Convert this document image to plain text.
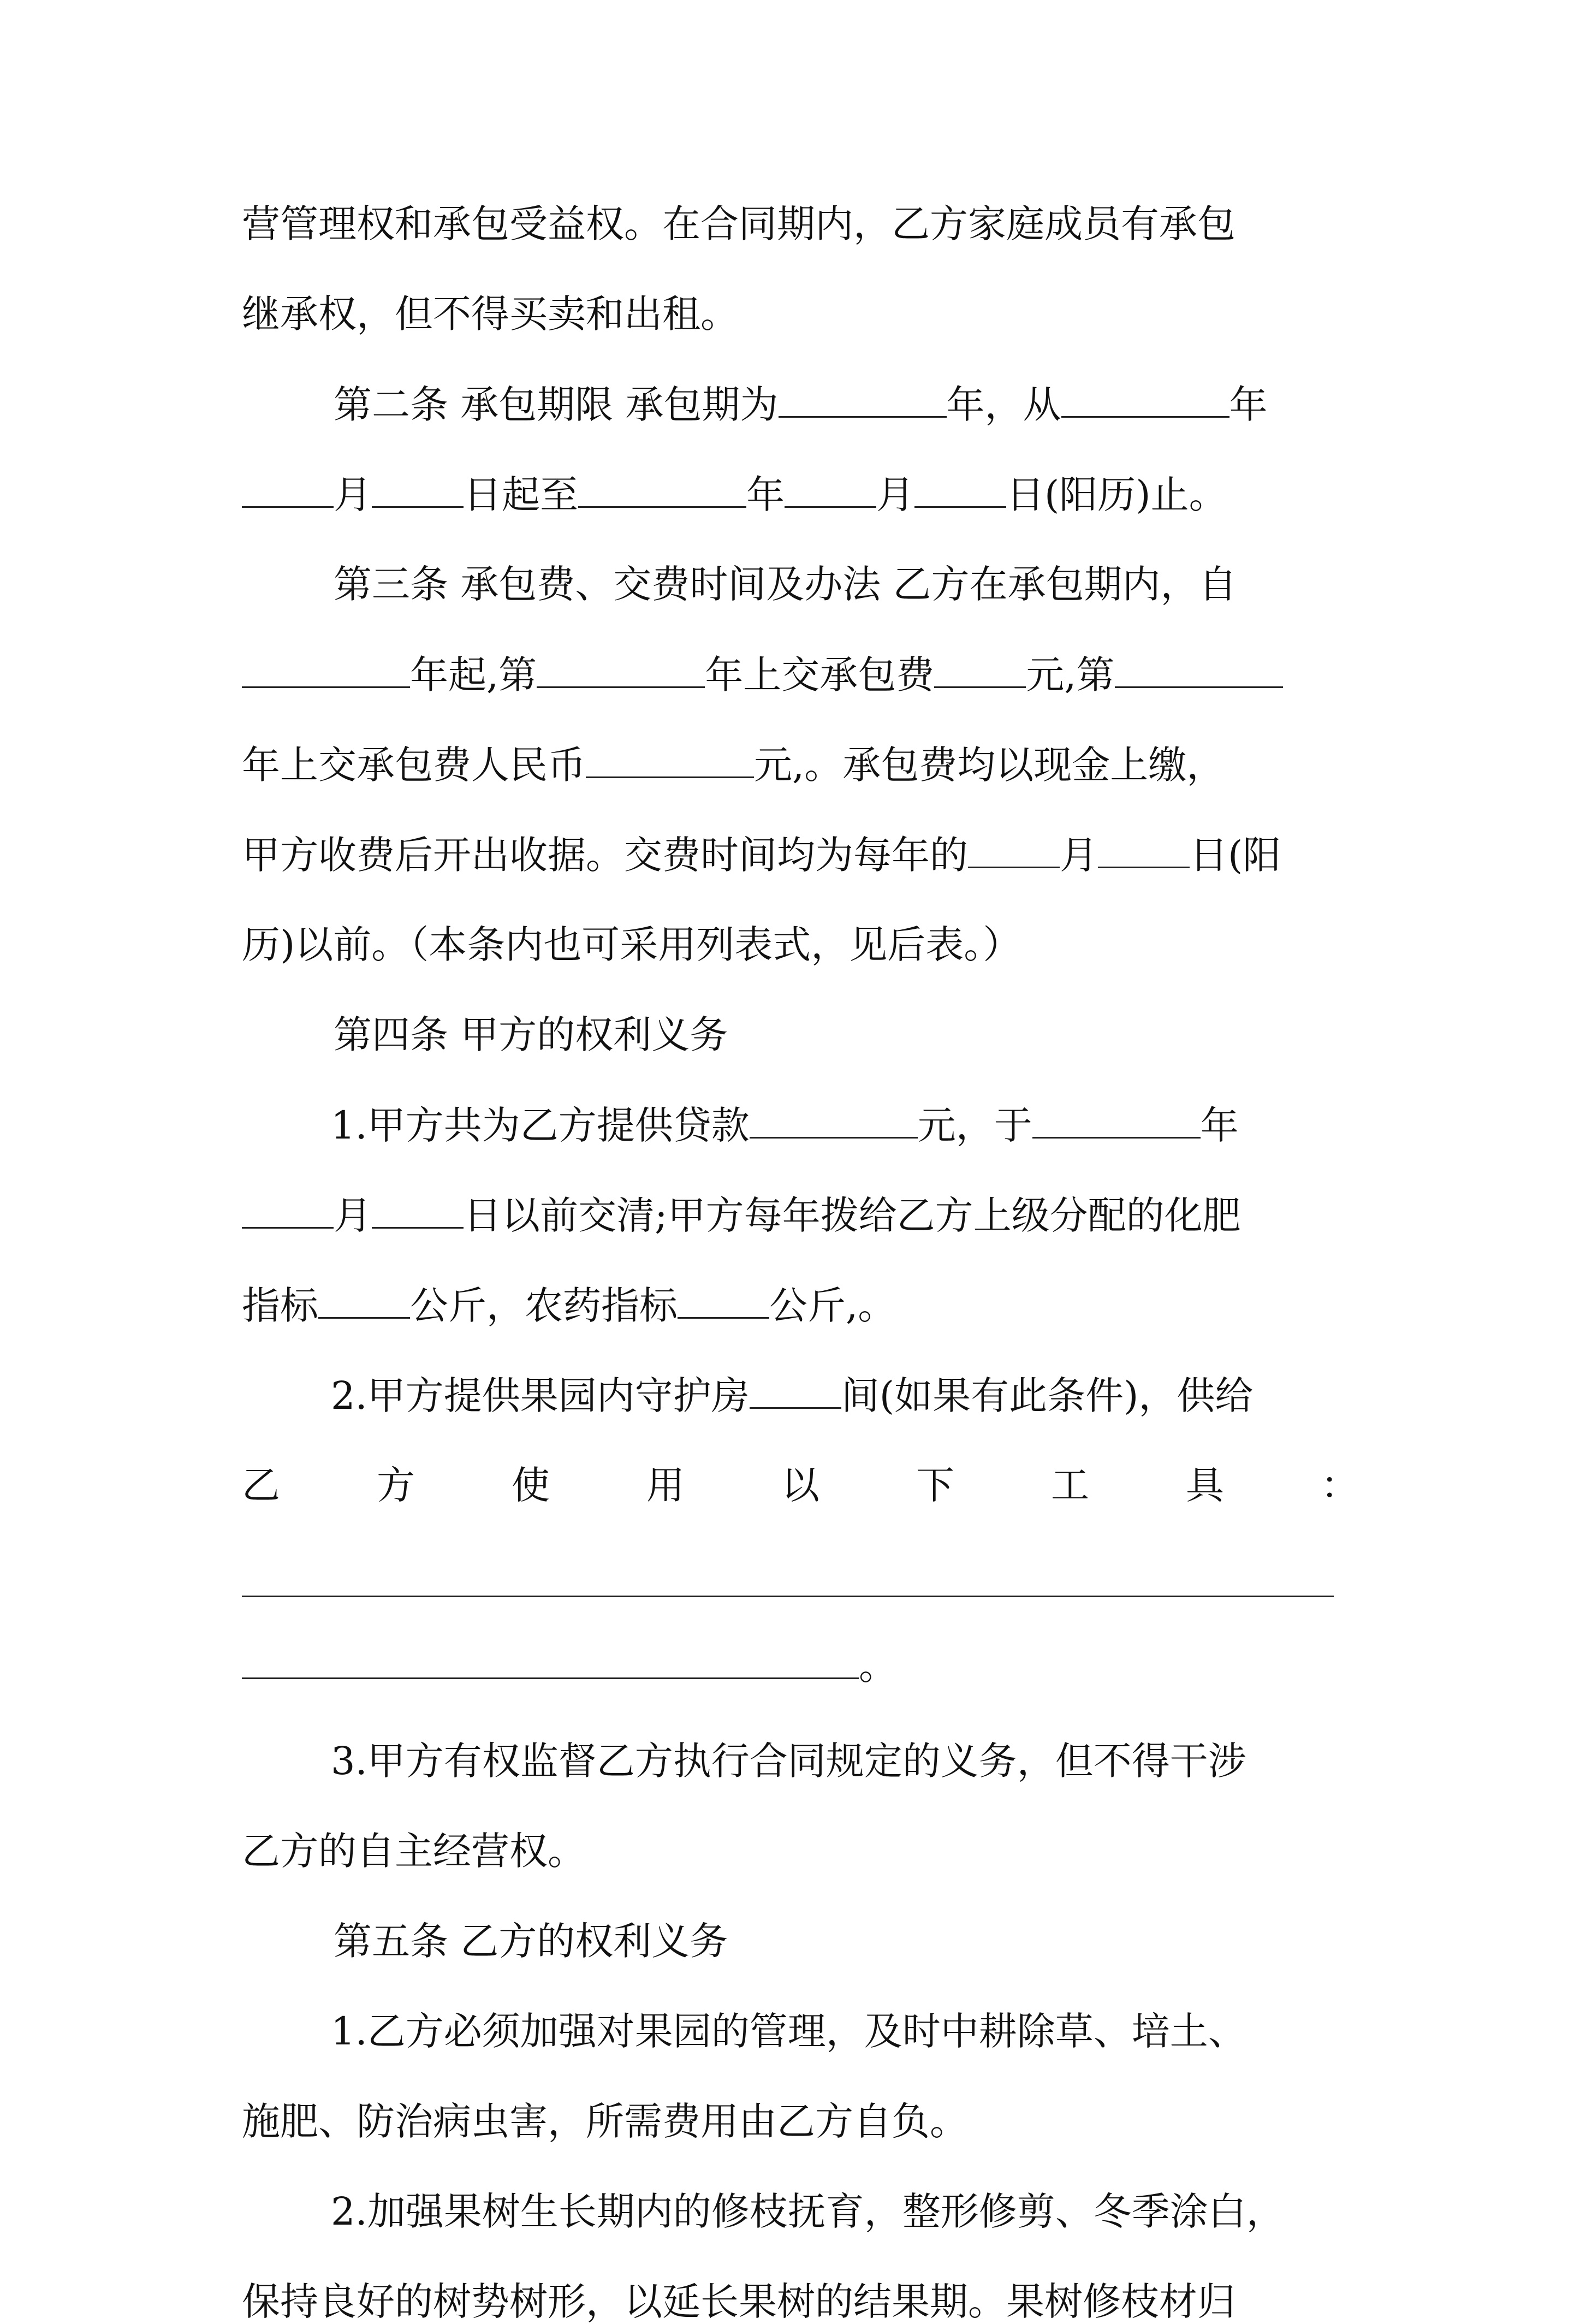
营管理权和承包受益权。在合同期内，乙方家庭成员有承包
继承权，但不得买卖和出租。
第二条 承包期限 承包期为	年，从	年
月 日起至	年 月 日(阳历)止。
第三条 承包费、交费时间及办法 乙方在承包期内，自
年起,第	年上交承包费 元,第
年上交承包费人民币	元,。承包费均以现金上缴，
甲方收费后开出收据。交费时间均为每年的 月 日(阳
历)以前。（本条内也可采用列表式，见后表。）
第四条 甲方的权利义务
1.甲方共为乙方提供贷款	元，于	年
月 日以前交清;甲方每年拨给乙方上级分配的化肥
指标 公斤，农药指标 公斤,。
2.甲方提供果园内守护房 间(如果有此条件)，供给
乙	方	使	用	以	下	工	具	：
。
3.甲方有权监督乙方执行合同规定的义务，但不得干涉
乙方的自主经营权。
第五条 乙方的权利义务
1.乙方必须加强对果园的管理，及时中耕除草、培土、
施肥、防治病虫害，所需费用由乙方自负。
2.加强果树生长期内的修枝抚育，整形修剪、冬季涂白，
保持良好的树势树形，以延长果树的结果期。果树修枝材归
